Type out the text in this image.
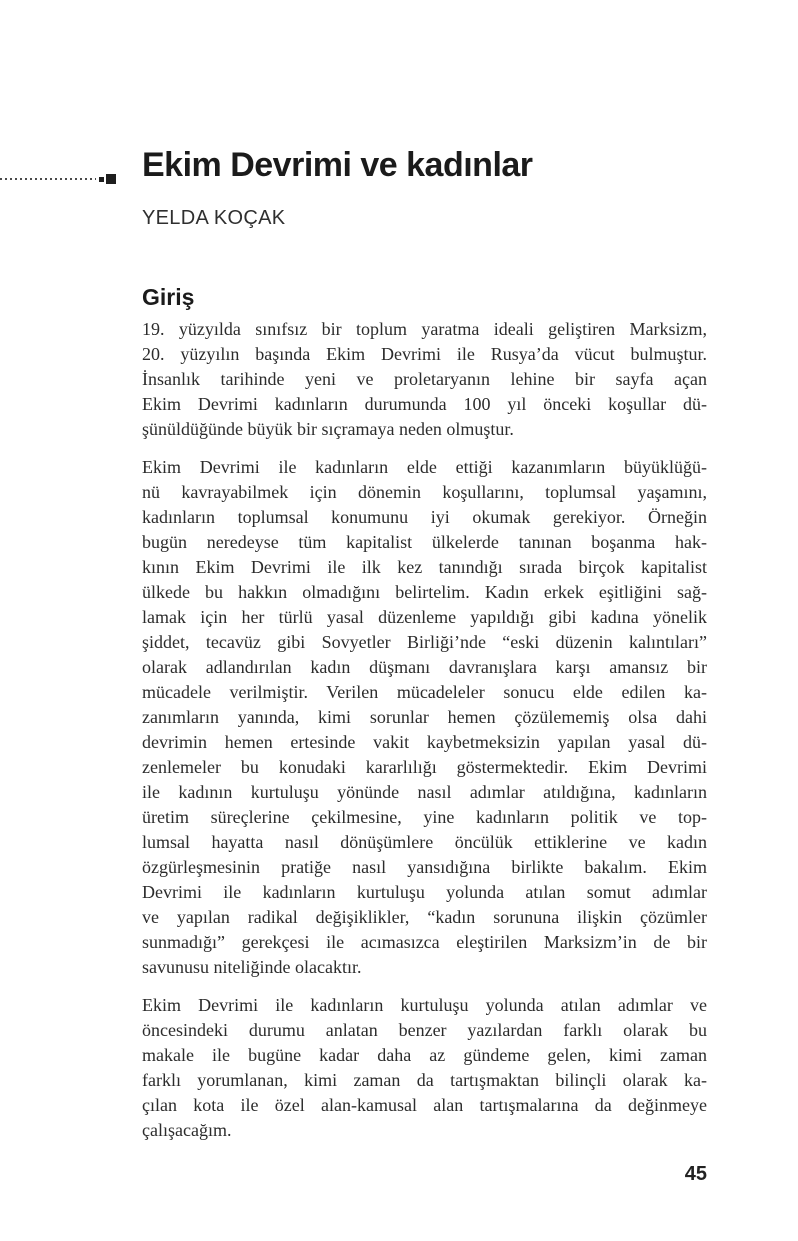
Ekim Devrimi ve kadınlar
YELDA KOÇAK
Giriş
19. yüzyılda sınıfsız bir toplum yaratma ideali geliştiren Marksizm,
20. yüzyılın başında Ekim Devrimi ile Rusya’da vücut bulmuştur.
İnsanlık tarihinde yeni ve proletaryanın lehine bir sayfa açan
Ekim Devrimi kadınların durumunda 100 yıl önceki koşullar dü-
şünüldüğünde büyük bir sıçramaya neden olmuştur.
Ekim Devrimi ile kadınların elde ettiği kazanımların büyüklüğü-
nü kavrayabilmek için dönemin koşullarını, toplumsal yaşamını,
kadınların toplumsal konumunu iyi okumak gerekiyor. Örneğin
bugün neredeyse tüm kapitalist ülkelerde tanınan boşanma hak-
kının Ekim Devrimi ile ilk kez tanındığı sırada birçok kapitalist
ülkede bu hakkın olmadığını belirtelim. Kadın erkek eşitliğini sağ-
lamak için her türlü yasal düzenleme yapıldığı gibi kadına yönelik
şiddet, tecavüz gibi Sovyetler Birliği’nde “eski düzenin kalıntıları”
olarak adlandırılan kadın düşmanı davranışlara karşı amansız bir
mücadele verilmiştir. Verilen mücadeleler sonucu elde edilen ka-
zanımların yanında, kimi sorunlar hemen çözülememiş olsa dahi
devrimin hemen ertesinde vakit kaybetmeksizin yapılan yasal dü-
zenlemeler bu konudaki kararlılığı göstermektedir. Ekim Devrimi
ile kadının kurtuluşu yönünde nasıl adımlar atıldığına, kadınların
üretim süreçlerine çekilmesine, yine kadınların politik ve top-
lumsal hayatta nasıl dönüşümlere öncülük ettiklerine ve kadın
özgürleşmesinin pratiğe nasıl yansıdığına birlikte bakalım. Ekim
Devrimi ile kadınların kurtuluşu yolunda atılan somut adımlar
ve yapılan radikal değişiklikler, “kadın sorununa ilişkin çözümler
sunmadığı” gerekçesi ile acımasızca eleştirilen Marksizm’in de bir
savunusu niteliğinde olacaktır.
Ekim Devrimi ile kadınların kurtuluşu yolunda atılan adımlar ve
öncesindeki durumu anlatan benzer yazılardan farklı olarak bu
makale ile bugüne kadar daha az gündeme gelen, kimi zaman
farklı yorumlanan, kimi zaman da tartışmaktan bilinçli olarak ka-
çılan kota ile özel alan-kamusal alan tartışmalarına da değinmeye
çalışacağım.
45
